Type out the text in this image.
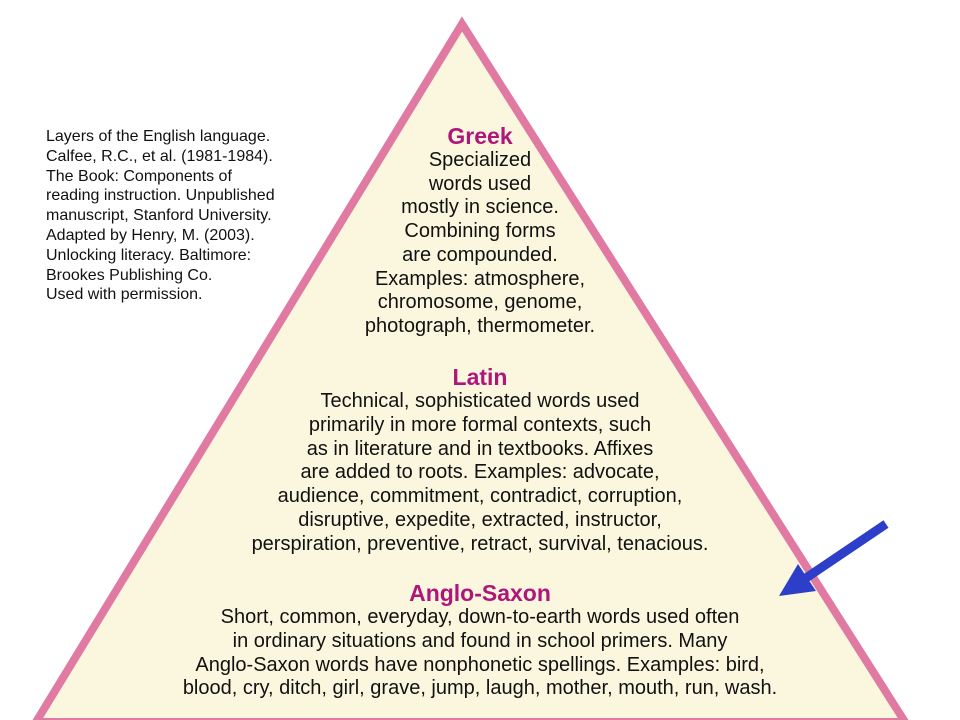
Layers of the English language.
Calfee, R.C., et al. (1981-1984).
The Book: Components of
reading instruction. Unpublished
manuscript, Stanford University.
Adapted by Henry, M. (2003).
Unlocking literacy. Baltimore:
Brookes Publishing Co.
Used with permission.
Greek
Specialized
words used
mostly in science.
Combining forms
are compounded.
Examples: atmosphere,
chromosome, genome,
photograph, thermometer.
Latin
Technical, sophisticated words used
primarily in more formal contexts, such
as in literature and in textbooks. Affixes
are added to roots. Examples: advocate,
audience, commitment, contradict, corruption,
disruptive, expedite, extracted, instructor,
perspiration, preventive, retract, survival, tenacious.
Anglo-Saxon
Short, common, everyday, down-to-earth words used often
in ordinary situations and found in school primers. Many
Anglo-Saxon words have nonphonetic spellings. Examples: bird,
blood, cry, ditch, girl, grave, jump, laugh, mother, mouth, run, wash.
